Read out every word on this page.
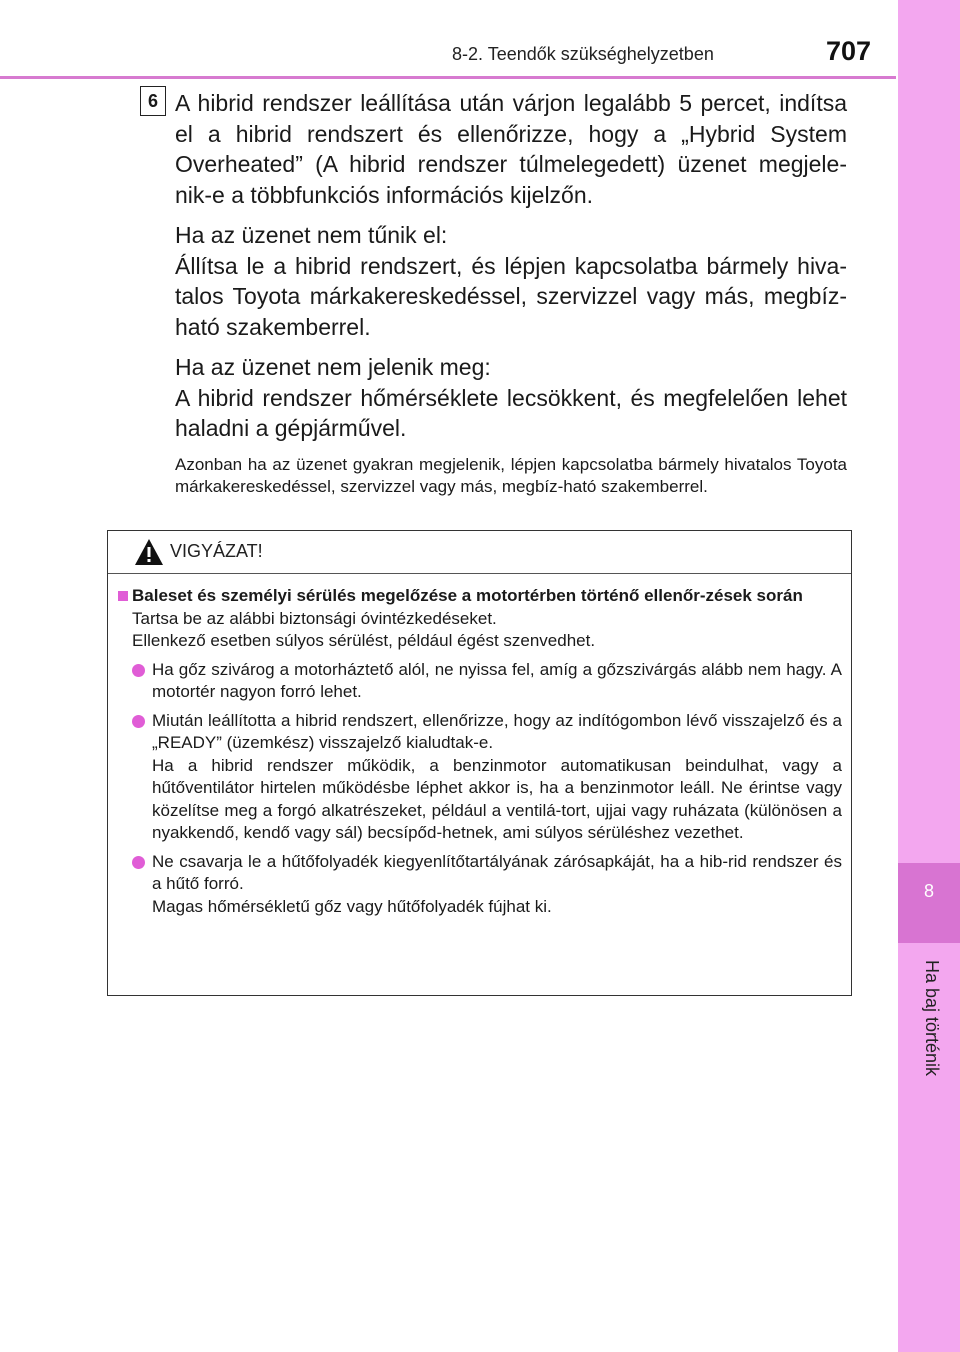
8-2. Teendők szükséghelyzetben	707
8
Ha baj történik
6 A hibrid rendszer leállítása után várjon legalább 5 percet, indítsa el a hibrid rendszert és ellenőrizze, hogy a „Hybrid System Overheated” (A hibrid rendszer túlmelegedett) üzenet megjele-nik-e a többfunkciós információs kijelzőn.

Ha az üzenet nem tűnik el:

Állítsa le a hibrid rendszert, és lépjen kapcsolatba bármely hiva-talos Toyota márkakereskedéssel, szervizzel vagy más, megbíz-ható szakemberrel.

Ha az üzenet nem jelenik meg:

A hibrid rendszer hőmérséklete lecsökkent, és megfelelően lehet haladni a gépjárművel.

Azonban ha az üzenet gyakran megjelenik, lépjen kapcsolatba bármely hivatalos Toyota márkakereskedéssel, szervizzel vagy más, megbíz-ható szakemberrel.

VIGYÁZAT!
Baleset és személyi sérülés megelőzése a motortérben történő ellenőr-zések során
Tartsa be az alábbi biztonsági óvintézkedéseket.
Ellenkező esetben súlyos sérülést, például égést szenvedhet.

Ha gőz szivárog a motorháztető alól, ne nyissa fel, amíg a gőzszivárgás alább nem hagy. A motortér nagyon forró lehet.

Miután leállította a hibrid rendszert, ellenőrizze, hogy az indítógombon lévő visszajelző és a „READY” (üzemkész) visszajelző kialudtak-e.

Ha a hibrid rendszer működik, a benzinmotor automatikusan beindulhat, vagy a hűtőventilátor hirtelen működésbe léphet akkor is, ha a benzinmotor leáll. Ne érintse vagy közelítse meg a forgó alkatrészeket, például a ventilá-tort, ujjai vagy ruházata (különösen a nyakkendő, kendő vagy sál) becsípőd-hetnek, ami súlyos sérüléshez vezethet.

Ne csavarja le a hűtőfolyadék kiegyenlítőtartályának zárósapkáját, ha a hib-rid rendszer és a hűtő forró.

Magas hőmérsékletű gőz vagy hűtőfolyadék fújhat ki.
